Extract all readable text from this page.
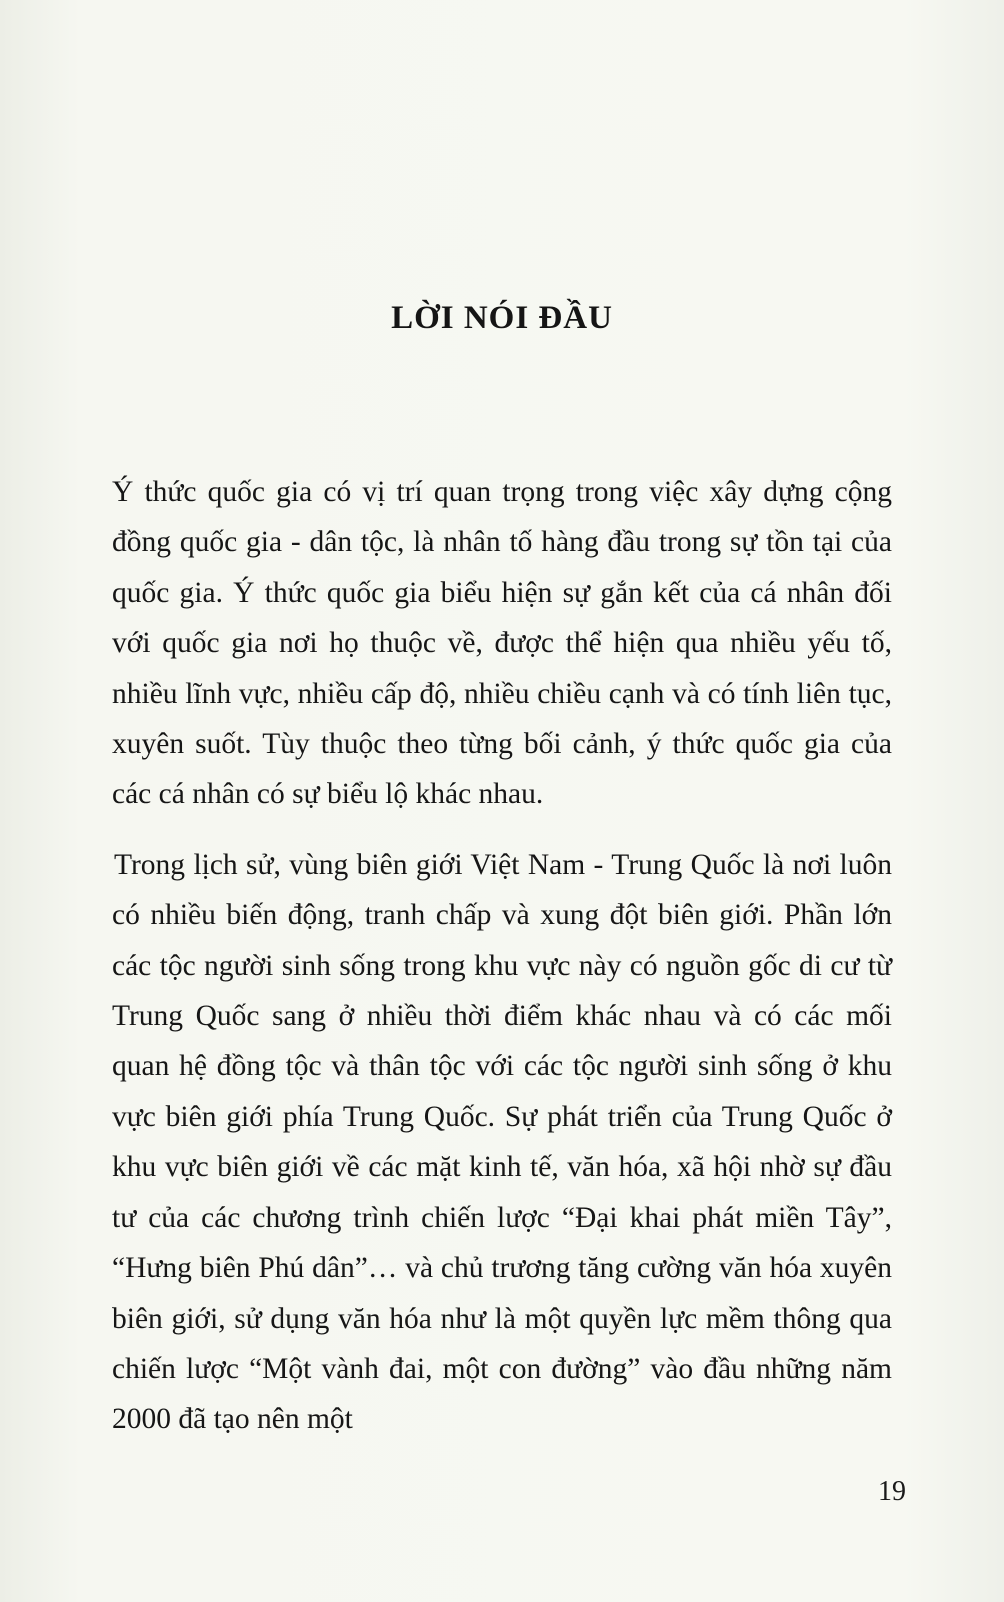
LỜI NÓI ĐẦU

Ý thức quốc gia có vị trí quan trọng trong việc xây dựng cộng đồng quốc gia - dân tộc, là nhân tố hàng đầu trong sự tồn tại của quốc gia. Ý thức quốc gia biểu hiện sự gắn kết của cá nhân đối với quốc gia nơi họ thuộc về, được thể hiện qua nhiều yếu tố, nhiều lĩnh vực, nhiều cấp độ, nhiều chiều cạnh và có tính liên tục, xuyên suốt. Tùy thuộc theo từng bối cảnh, ý thức quốc gia của các cá nhân có sự biểu lộ khác nhau.

Trong lịch sử, vùng biên giới Việt Nam - Trung Quốc là nơi luôn có nhiều biến động, tranh chấp và xung đột biên giới. Phần lớn các tộc người sinh sống trong khu vực này có nguồn gốc di cư từ Trung Quốc sang ở nhiều thời điểm khác nhau và có các mối quan hệ đồng tộc và thân tộc với các tộc người sinh sống ở khu vực biên giới phía Trung Quốc. Sự phát triển của Trung Quốc ở khu vực biên giới về các mặt kinh tế, văn hóa, xã hội nhờ sự đầu tư của các chương trình chiến lược “Đại khai phát miền Tây”, “Hưng biên Phú dân”… và chủ trương tăng cường văn hóa xuyên biên giới, sử dụng văn hóa như là một quyền lực mềm thông qua chiến lược “Một vành đai, một con đường” vào đầu những năm 2000 đã tạo nên một

19
